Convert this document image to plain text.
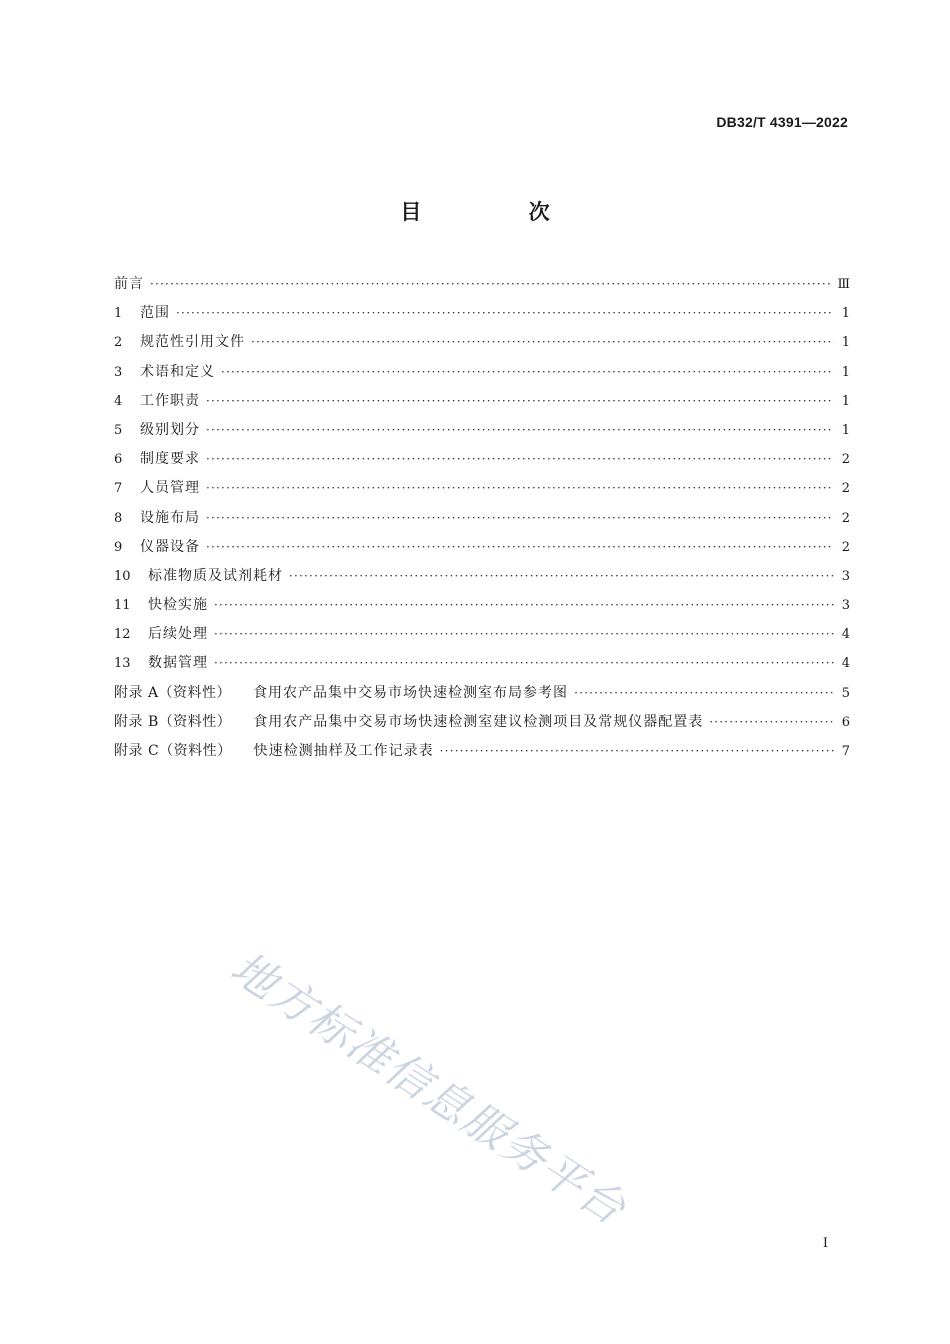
DB32/T 4391—2022
目 次
前言 ·····	Ⅲ
1	范围 ·····	1
2	规范性引用文件 ·····	1
3	术语和定义 ·····	1
4	工作职责 ·····	1
5	级别划分 ·····	1
6	制度要求 ·····	2
7	人员管理 ·····	2
8	设施布局 ·····	2
9	仪器设备 ·····	2
10	标准物质及试剂耗材 ·····	3
11	快检实施 ·····	3
12	后续处理 ·····	4
13	数据管理 ·····	4
附录 A（资料性） 食用农产品集中交易市场快速检测室布局参考图 ·····	5
附录 B（资料性） 食用农产品集中交易市场快速检测室建议检测项目及常规仪器配置表 ·····	6
附录 C（资料性） 快速检测抽样及工作记录表 ·····	7
地方标准信息服务平台
I
